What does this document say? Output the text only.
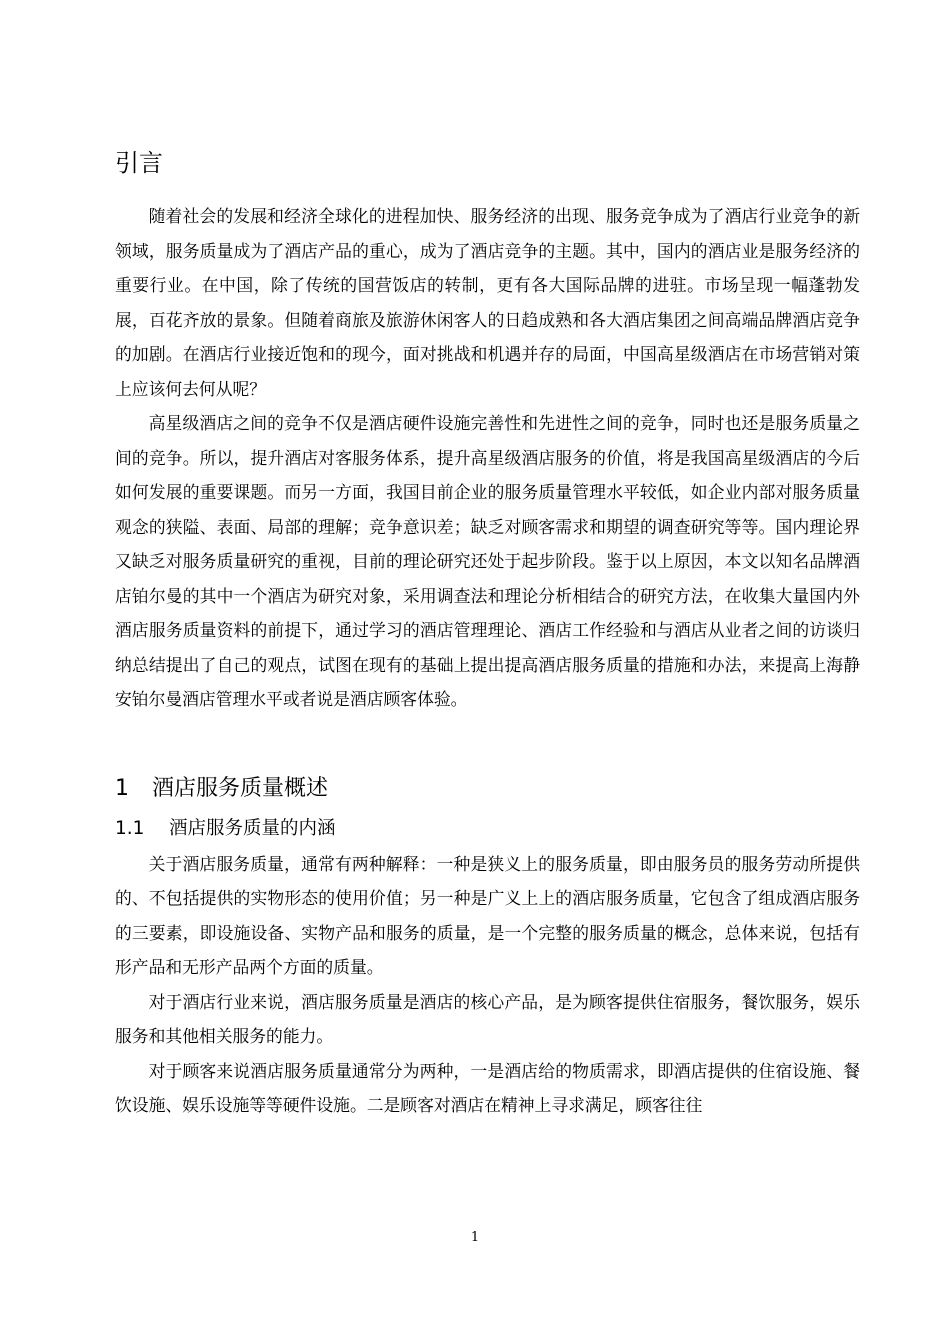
引言

随着社会的发展和经济全球化的进程加快、服务经济的出现、服务竞争成为了酒店行业竞争的新领域，服务质量成为了酒店产品的重心，成为了酒店竞争的主题。其中，国内的酒店业是服务经济的重要行业。在中国，除了传统的国营饭店的转制，更有各大国际品牌的进驻。市场呈现一幅蓬勃发展，百花齐放的景象。但随着商旅及旅游休闲客人的日趋成熟和各大酒店集团之间高端品牌酒店竞争的加剧。在酒店行业接近饱和的现今，面对挑战和机遇并存的局面，中国高星级酒店在市场营销对策上应该何去何从呢？

高星级酒店之间的竞争不仅是酒店硬件设施完善性和先进性之间的竞争，同时也还是服务质量之间的竞争。所以，提升酒店对客服务体系，提升高星级酒店服务的价值，将是我国高星级酒店的今后如何发展的重要课题。而另一方面，我国目前企业的服务质量管理水平较低，如企业内部对服务质量观念的狭隘、表面、局部的理解；竞争意识差；缺乏对顾客需求和期望的调查研究等等。国内理论界又缺乏对服务质量研究的重视，目前的理论研究还处于起步阶段。鉴于以上原因，本文以知名品牌酒店铂尔曼的其中一个酒店为研究对象，采用调查法和理论分析相结合的研究方法，在收集大量国内外酒店服务质量资料的前提下，通过学习的酒店管理理论、酒店工作经验和与酒店从业者之间的访谈归纳总结提出了自己的观点，试图在现有的基础上提出提高酒店服务质量的措施和办法，来提高上海静安铂尔曼酒店管理水平或者说是酒店顾客体验。

1	酒店服务质量概述
1.1	酒店服务质量的内涵

关于酒店服务质量，通常有两种解释：一种是狭义上的服务质量，即由服务员的服务劳动所提供的、不包括提供的实物形态的使用价值；另一种是广义上上的酒店服务质量，它包含了组成酒店服务的三要素，即设施设备、实物产品和服务的质量，是一个完整的服务质量的概念，总体来说，包括有形产品和无形产品两个方面的质量。

对于酒店行业来说，酒店服务质量是酒店的核心产品，是为顾客提供住宿服务，餐饮服务，娱乐服务和其他相关服务的能力。

对于顾客来说酒店服务质量通常分为两种，一是酒店给的物质需求，即酒店提供的住宿设施、餐饮设施、娱乐设施等等硬件设施。二是顾客对酒店在精神上寻求满足，顾客往往

1
